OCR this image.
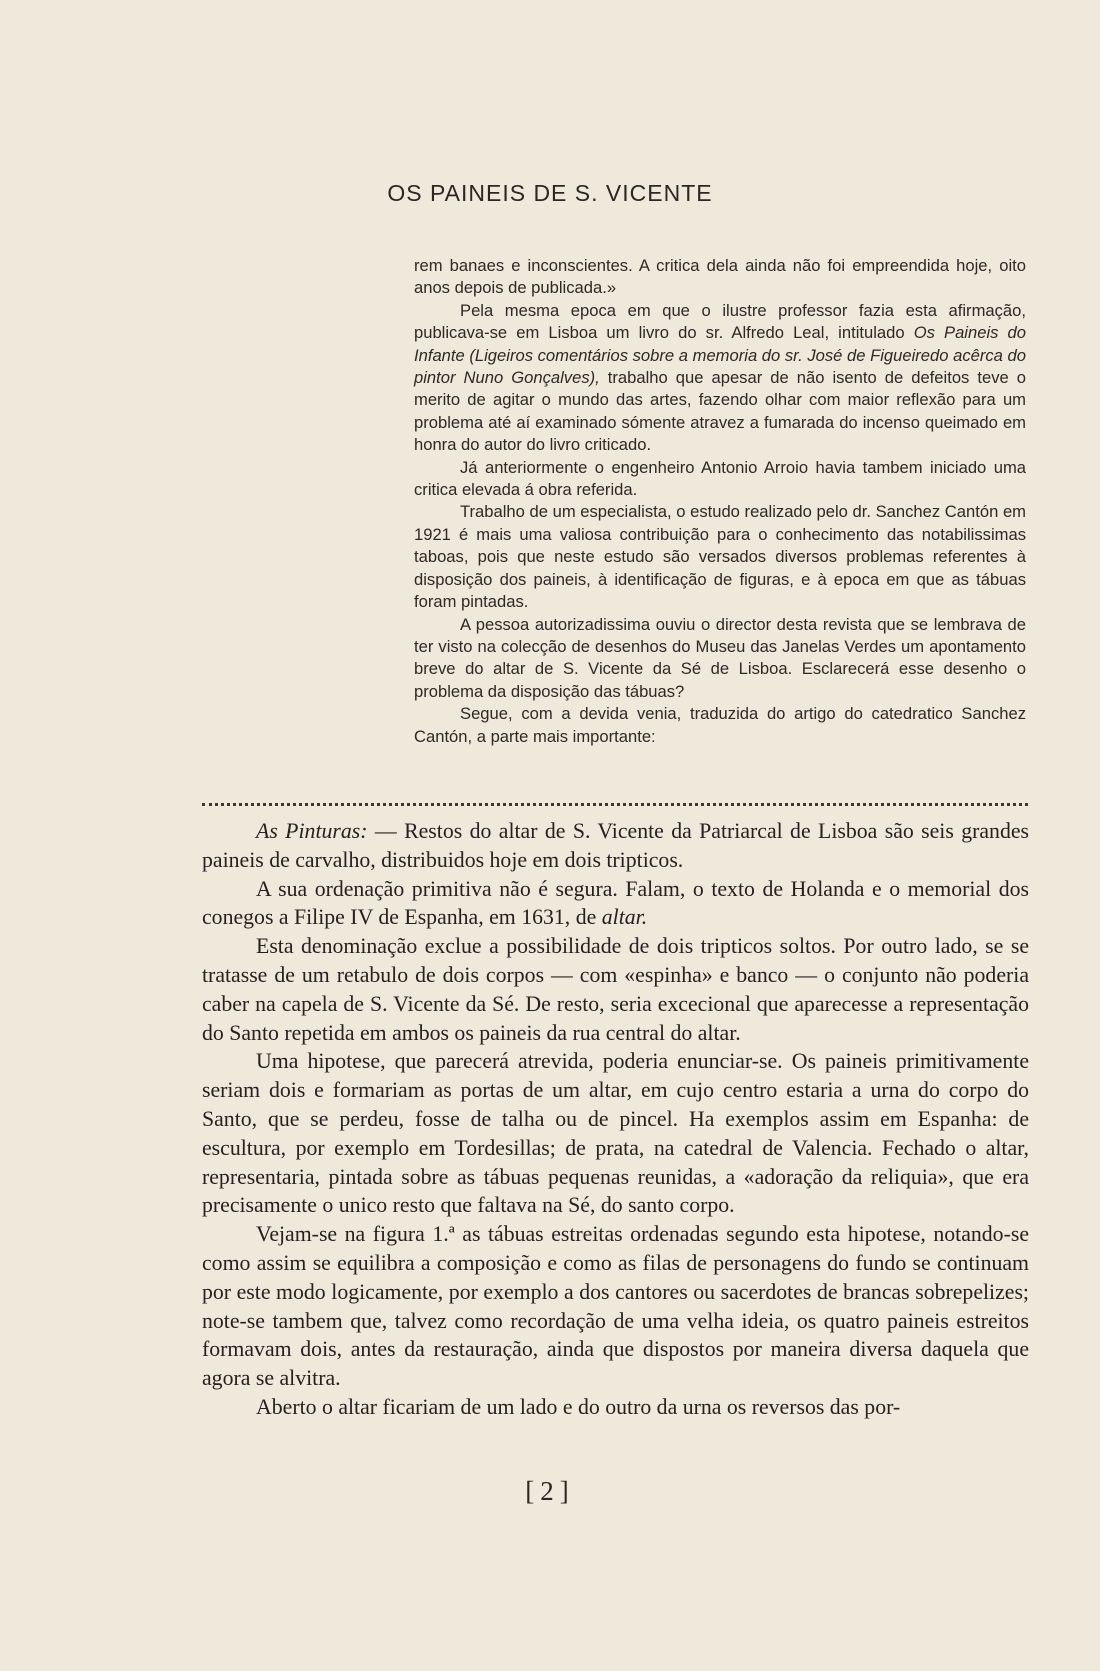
OS PAINEIS DE S. VICENTE

rem banaes e inconscientes. A critica dela ainda não foi empreendida hoje, oito anos depois de publicada.»

Pela mesma epoca em que o ilustre professor fazia esta afirmação, publicava-se em Lisboa um livro do sr. Alfredo Leal, intitulado Os Paineis do Infante (Ligeiros comentários sobre a memoria do sr. José de Figueiredo acêrca do pintor Nuno Gonçalves), trabalho que apesar de não isento de defeitos teve o merito de agitar o mundo das artes, fazendo olhar com maior reflexão para um problema até aí examinado sómente atravez a fumarada do incenso queimado em honra do autor do livro criticado.

Já anteriormente o engenheiro Antonio Arroio havia tambem iniciado uma critica elevada á obra referida.

Trabalho de um especialista, o estudo realizado pelo dr. Sanchez Cantón em 1921 é mais uma valiosa contribuição para o conhecimento das notabilissimas taboas, pois que neste estudo são versados diversos problemas referentes à disposição dos paineis, à identificação de figuras, e à epoca em que as tábuas foram pintadas.

A pessoa autorizadissima ouviu o director desta revista que se lembrava de ter visto na colecção de desenhos do Museu das Janelas Verdes um apontamento breve do altar de S. Vicente da Sé de Lisboa. Esclarecerá esse desenho o problema da disposição das tábuas?

Segue, com a devida venia, traduzida do artigo do catedratico Sanchez Cantón, a parte mais importante:

As Pinturas: — Restos do altar de S. Vicente da Patriarcal de Lisboa são seis grandes paineis de carvalho, distribuidos hoje em dois tripticos.

A sua ordenação primitiva não é segura. Falam, o texto de Holanda e o memorial dos conegos a Filipe IV de Espanha, em 1631, de altar.

Esta denominação exclue a possibilidade de dois tripticos soltos. Por outro lado, se se tratasse de um retabulo de dois corpos — com «espinha» e banco — o conjunto não poderia caber na capela de S. Vicente da Sé. De resto, seria excecional que aparecesse a representação do Santo repetida em ambos os paineis da rua central do altar.

Uma hipotese, que parecerá atrevida, poderia enunciar-se. Os paineis primitivamente seriam dois e formariam as portas de um altar, em cujo centro estaria a urna do corpo do Santo, que se perdeu, fosse de talha ou de pincel. Ha exemplos assim em Espanha: de escultura, por exemplo em Tordesillas; de prata, na catedral de Valencia. Fechado o altar, representaria, pintada sobre as tábuas pequenas reunidas, a «adoração da reliquia», que era precisamente o unico resto que faltava na Sé, do santo corpo.

Vejam-se na figura 1.ª as tábuas estreitas ordenadas segundo esta hipotese, notando-se como assim se equilibra a composição e como as filas de personagens do fundo se continuam por este modo logicamente, por exemplo a dos cantores ou sacerdotes de brancas sobrepelizes; note-se tambem que, talvez como recordação de uma velha ideia, os quatro paineis estreitos formavam dois, antes da restauração, ainda que dispostos por maneira diversa daquela que agora se alvitra.

Aberto o altar ficariam de um lado e do outro da urna os reversos das por-

[2]
